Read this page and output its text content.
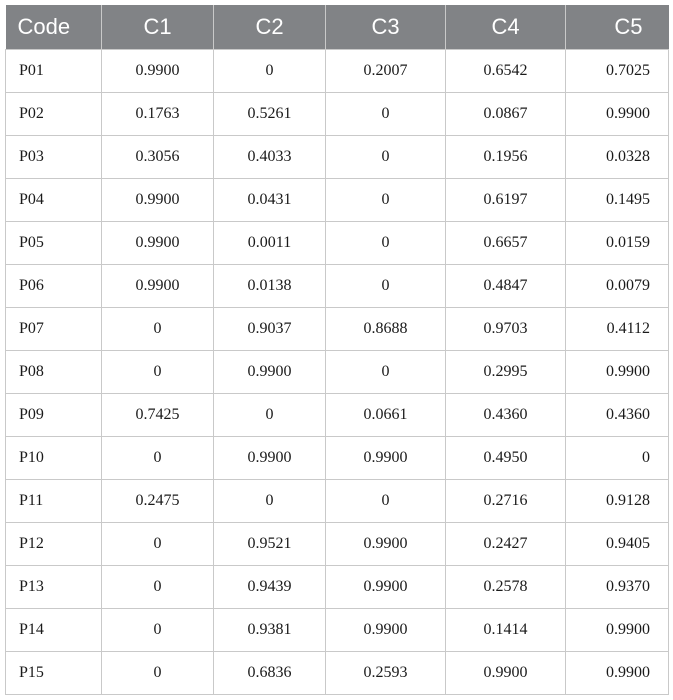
Code	C1	C2	C3	C4	C5
P01	0.9900	0	0.2007	0.6542	0.7025
P02	0.1763	0.5261	0	0.0867	0.9900
P03	0.3056	0.4033	0	0.1956	0.0328
P04	0.9900	0.0431	0	0.6197	0.1495
P05	0.9900	0.0011	0	0.6657	0.0159
P06	0.9900	0.0138	0	0.4847	0.0079
P07	0	0.9037	0.8688	0.9703	0.4112
P08	0	0.9900	0	0.2995	0.9900
P09	0.7425	0	0.0661	0.4360	0.4360
P10	0	0.9900	0.9900	0.4950	0
P11	0.2475	0	0	0.2716	0.9128
P12	0	0.9521	0.9900	0.2427	0.9405
P13	0	0.9439	0.9900	0.2578	0.9370
P14	0	0.9381	0.9900	0.1414	0.9900
P15	0	0.6836	0.2593	0.9900	0.9900
